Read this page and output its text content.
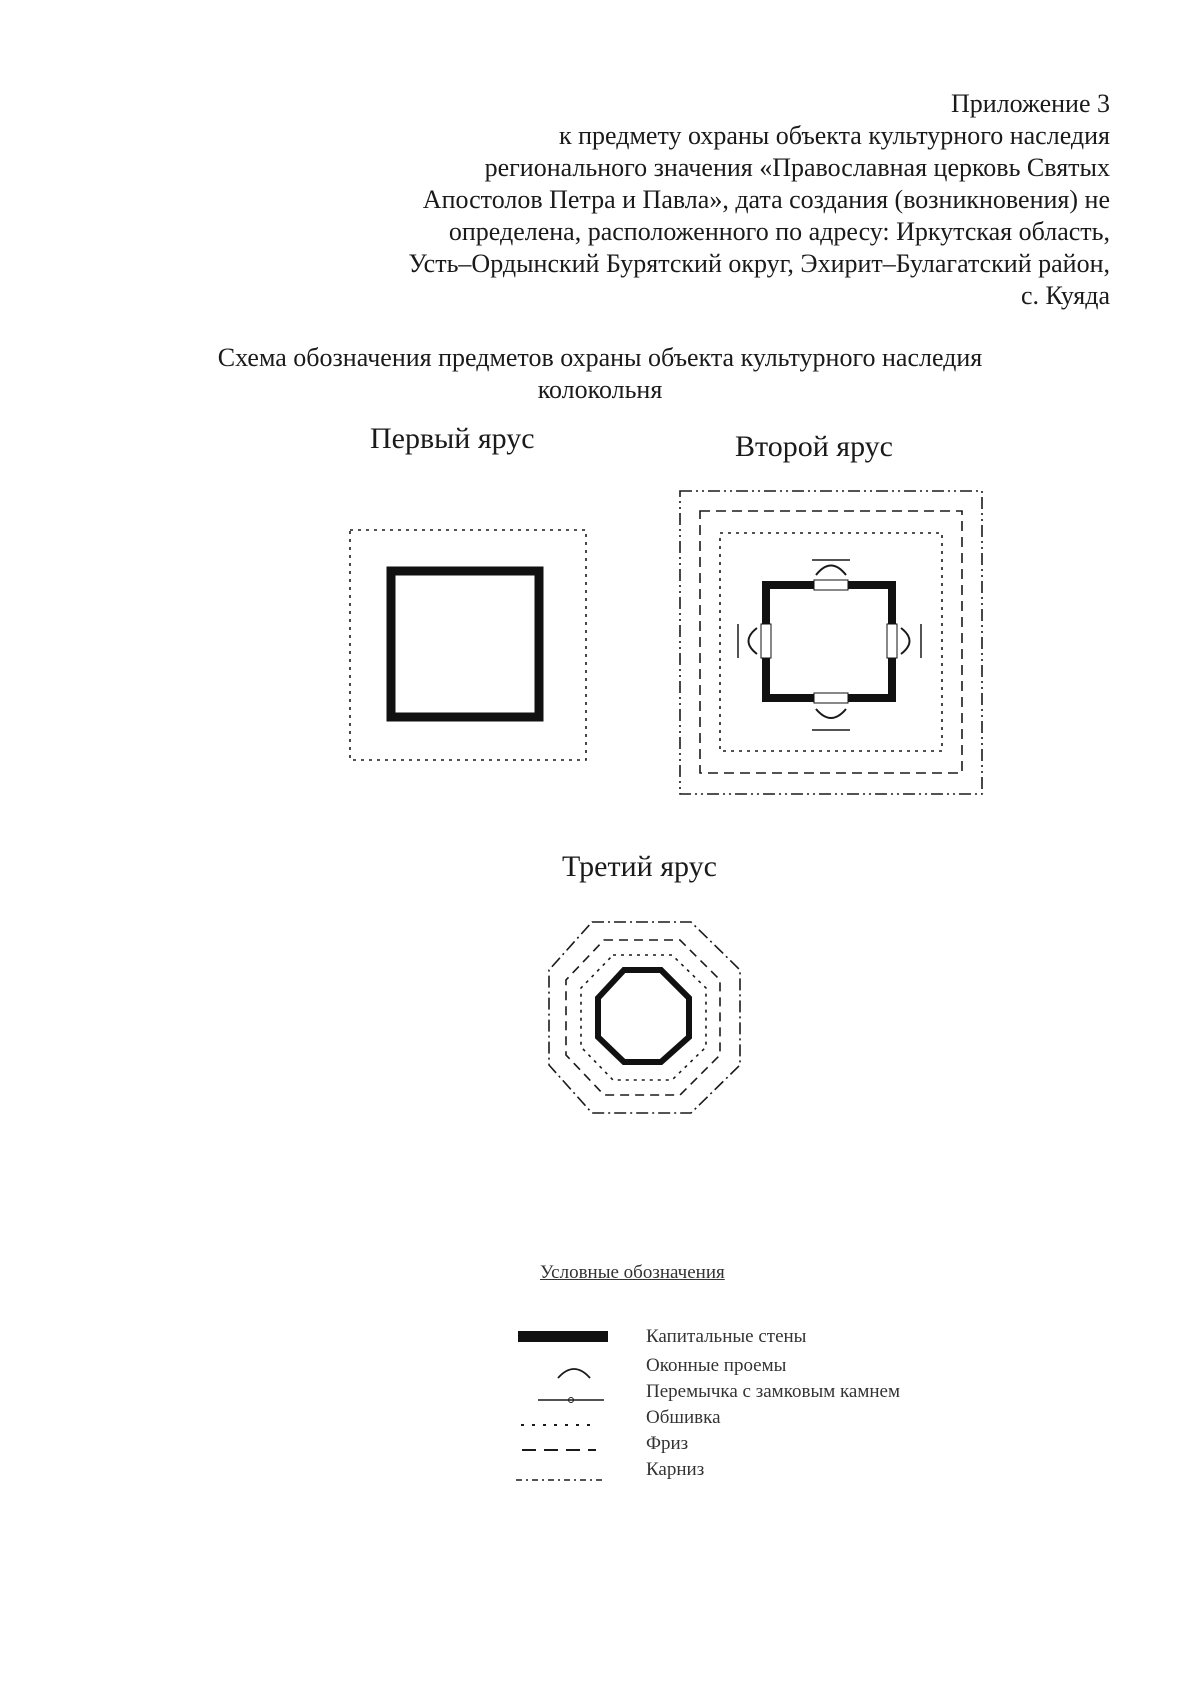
Приложение 3
к предмету охраны объекта культурного наследия
регионального значения «Православная церковь Святых
Апостолов Петра и Павла», дата создания (возникновения) не
определена, расположенного по адресу: Иркутская область,
Усть–Ордынский Бурятский округ, Эхирит–Булагатский район,
с. Куяда
Схема обозначения предметов охраны объекта культурного наследия
колокольня
Первый ярус	Второй ярус
Третий ярус
Условные обозначения
Капитальные стены
Оконные проемы
Перемычка с замковым камнем
Обшивка
Фриз
Карниз
